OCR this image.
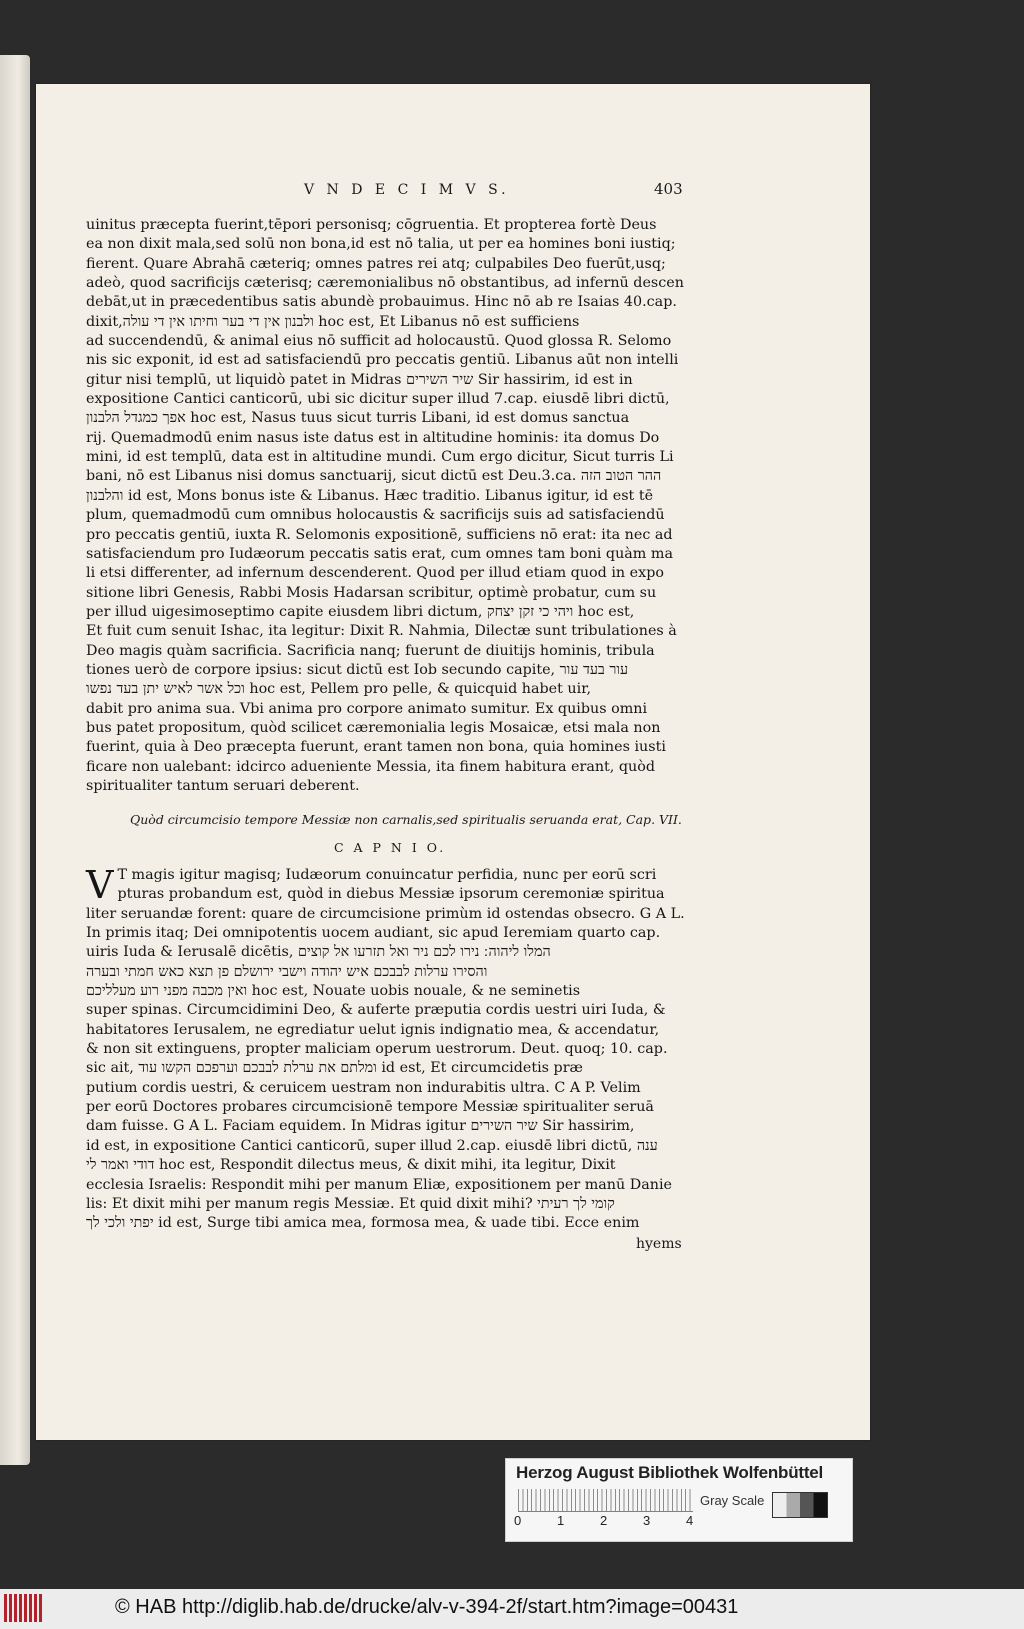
V N D E C I M V S.	403
uinitus præcepta fuerint,tēpori personisq; cōgruentia. Et propterea fortè Deus
ea non dixit mala,sed solū non bona,id est nō talia, ut per ea homines boni iustiq;
fierent. Quare Abrahā cæteriq; omnes patres rei atq; culpabiles Deo fuerūt,usq;
adeò, quod sacrificijs cæterisq; cæremonialibus nō obstantibus, ad infernū descen
debāt,ut in præcedentibus satis abundè probauimus. Hinc nō ab re Isaias 40.cap.
dixit,ולבנון אין די בער וחיתו אין די עולה hoc est, Et Libanus nō est sufficiens
ad succendendū, & animal eius nō sufficit ad holocaustū. Quod glossa R. Selomo
nis sic exponit, id est ad satisfaciendū pro peccatis gentiū. Libanus aūt non intelli
gitur nisi templū, ut liquidò patet in Midras שיר השירים Sir hassirim, id est in
expositione Cantici canticorū, ubi sic dicitur super illud 7.cap. eiusdē libri dictū,
אפך כמגדל הלבנון hoc est, Nasus tuus sicut turris Libani, id est domus sanctua
rij. Quemadmodū enim nasus iste datus est in altitudine hominis: ita domus Do
mini, id est templū, data est in altitudine mundi. Cum ergo dicitur, Sicut turris Li
bani, nō est Libanus nisi domus sanctuarij, sicut dictū est Deu.3.ca. ההר הטוב הזה
והלבנון id est, Mons bonus iste & Libanus. Hæc traditio. Libanus igitur, id est tē
plum, quemadmodū cum omnibus holocaustis & sacrificijs suis ad satisfaciendū
pro peccatis gentiū, iuxta R. Selomonis expositionē, sufficiens nō erat: ita nec ad
satisfaciendum pro Iudæorum peccatis satis erat, cum omnes tam boni quàm ma
li etsi differenter, ad infernum descenderent. Quod per illud etiam quod in expo
sitione libri Genesis, Rabbi Mosis Hadarsan scribitur, optimè probatur, cum su
per illud uigesimoseptimo capite eiusdem libri dictum, ויהי כי זקן יצחק hoc est,
Et fuit cum senuit Ishac, ita legitur: Dixit R. Nahmia, Dilectæ sunt tribulationes à
Deo magis quàm sacrificia. Sacrificia nanq; fuerunt de diuitijs hominis, tribula
tiones uerò de corpore ipsius: sicut dictū est Iob secundo capite, עור בעד עור
וכל אשר לאיש יתן בעד נפשו hoc est, Pellem pro pelle, & quicquid habet uir,
dabit pro anima sua. Vbi anima pro corpore animato sumitur. Ex quibus omni
bus patet propositum, quòd scilicet cæremonialia legis Mosaicæ, etsi mala non
fuerint, quia à Deo præcepta fuerunt, erant tamen non bona, quia homines iusti
ficare non ualebant: idcirco adueniente Messia, ita finem habitura erant, quòd
spiritualiter tantum seruari deberent.
Quòd circumcisio tempore Messiæ non carnalis,sed spiritualis seruanda erat, Cap. VII.
C A P N I O.
V T magis igitur magisq; Iudæorum conuincatur perfidia, nunc per eorū scri
pturas probandum est, quòd in diebus Messiæ ipsorum ceremoniæ spiritua
liter seruandæ forent: quare de circumcisione primùm id ostendas obsecro. G A L.
In primis itaq; Dei omnipotentis uocem audiant, sic apud Ieremiam quarto cap.
uiris Iuda & Ierusalē dicētis, המלו ליהוה ׃ נירו לכם ניר ואל תזרעו אל קוצים
והסירו ערלות לבבכם איש יהודה וישבי ירושלם פן תצא כאש חמתי ובערה
ואין מכבה מפני רוע מעלליכם hoc est, Nouate uobis nouale, & ne seminetis
super spinas. Circumcidimini Deo, & auferte præputia cordis uestri uiri Iuda, &
habitatores Ierusalem, ne egrediatur uelut ignis indignatio mea, & accendatur,
& non sit extinguens, propter maliciam operum uestrorum. Deut. quoq; 10. cap.
sic ait, ומלתם את ערלת לבבכם וערפכם הקשו עוד id est, Et circumcidetis præ
putium cordis uestri, & ceruicem uestram non indurabitis ultra. C A P. Velim
per eorū Doctores probares circumcisionē tempore Messiæ spiritualiter seruā
dam fuisse. G A L. Faciam equidem. In Midras igitur שיר השירים Sir hassirim,
id est, in expositione Cantici canticorū, super illud 2.cap. eiusdē libri dictū, ענה
דודי ואמר לי hoc est, Respondit dilectus meus, & dixit mihi, ita legitur, Dixit
ecclesia Israelis: Respondit mihi per manum Eliæ, expositionem per manū Danie
lis: Et dixit mihi per manum regis Messiæ. Et quid dixit mihi? קומי לך רעיתי
יפתי ולכי לך id est, Surge tibi amica mea, formosa mea, & uade tibi. Ecce enim
hyems
Herzog August Bibliothek Wolfenbüttel
0	1	2	3	4
Gray Scale
© HAB http://diglib.hab.de/drucke/alv-v-394-2f/start.htm?image=00431
